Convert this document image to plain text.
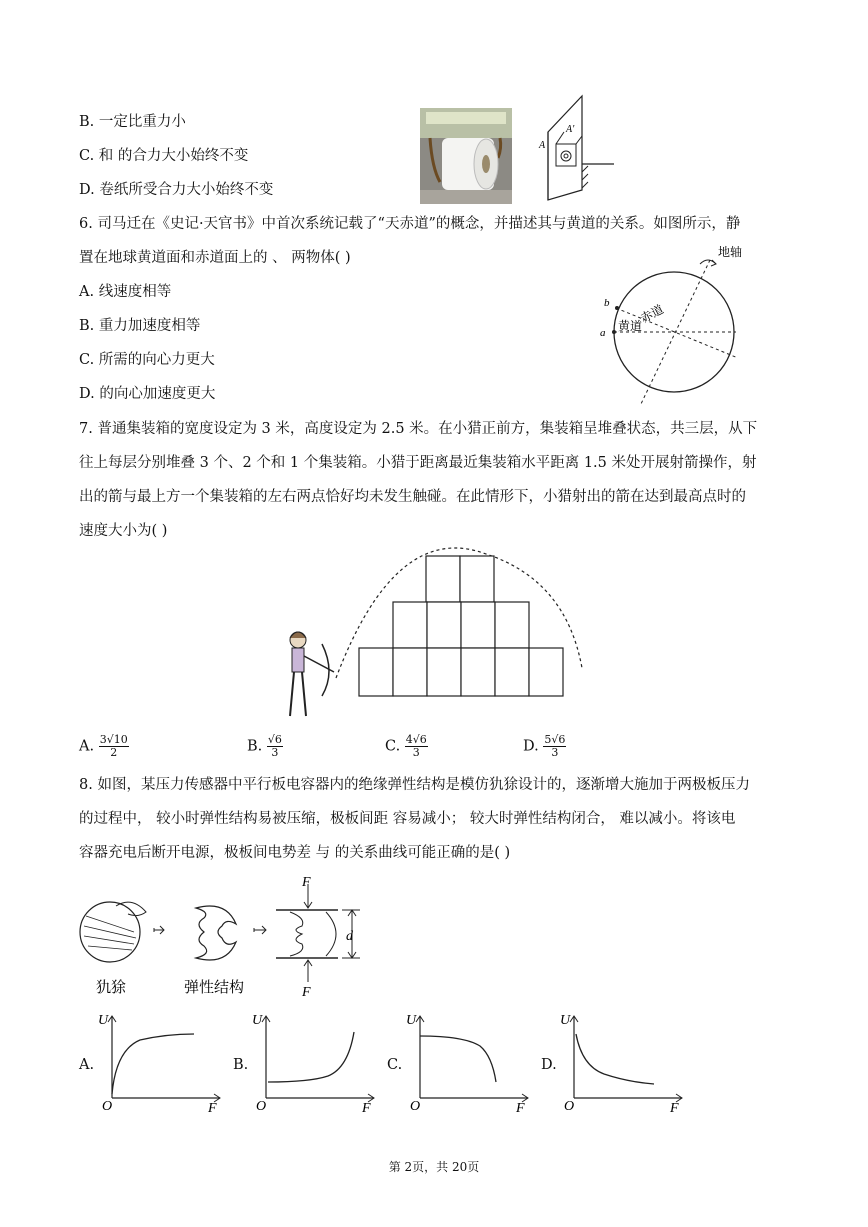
B. 一定比重力小
C. 和 的合力大小始终不变
D. 卷纸所受合力大小始终不变
A
A'
6. 司马迁在《史记·天官书》中首次系统记载了“天赤道”的概念，并描述其与黄道的关系。如图所示，静
置在地球黄道面和赤道面上的 、 两物体( )
A. 线速度相等
B. 重力加速度相等
C. 所需的向心力更大
D. 的向心加速度更大
b
a
地轴
赤道
黄道
7. 普通集装箱的宽度设定为 3 米，高度设定为 2.5 米。在小猎正前方，集装箱呈堆叠状态，共三层，从下
往上每层分别堆叠 3 个、2 个和 1 个集装箱。小猎于距离最近集装箱水平距离 1.5 米处开展射箭操作，射
出的箭与最上方一个集装箱的左右两点恰好均未发生触碰。在此情形下，小猎射出的箭在达到最高点时的
速度大小为( )
A. $\frac{3√10}{2}$	B. $\frac{√6}{3}$	C. $\frac{4√6}{3}$	D. $\frac{5√6}{3}$
8. 如图，某压力传感器中平行板电容器内的绝缘弹性结构是模仿犰狳设计的，逐渐增大施加于两极板压力
的过程中， 较小时弹性结构易被压缩，极板间距 容易减小； 较大时弹性结构闭合， 难以减小。将该电
容器充电后断开电源，极板间电势差 与 的关系曲线可能正确的是( )
F
F
d
犰狳	弹性结构
A.
U
F
O
B.
U
F
O
C.
U
F
O
D.
U
F
O
第 2页，共 20页
